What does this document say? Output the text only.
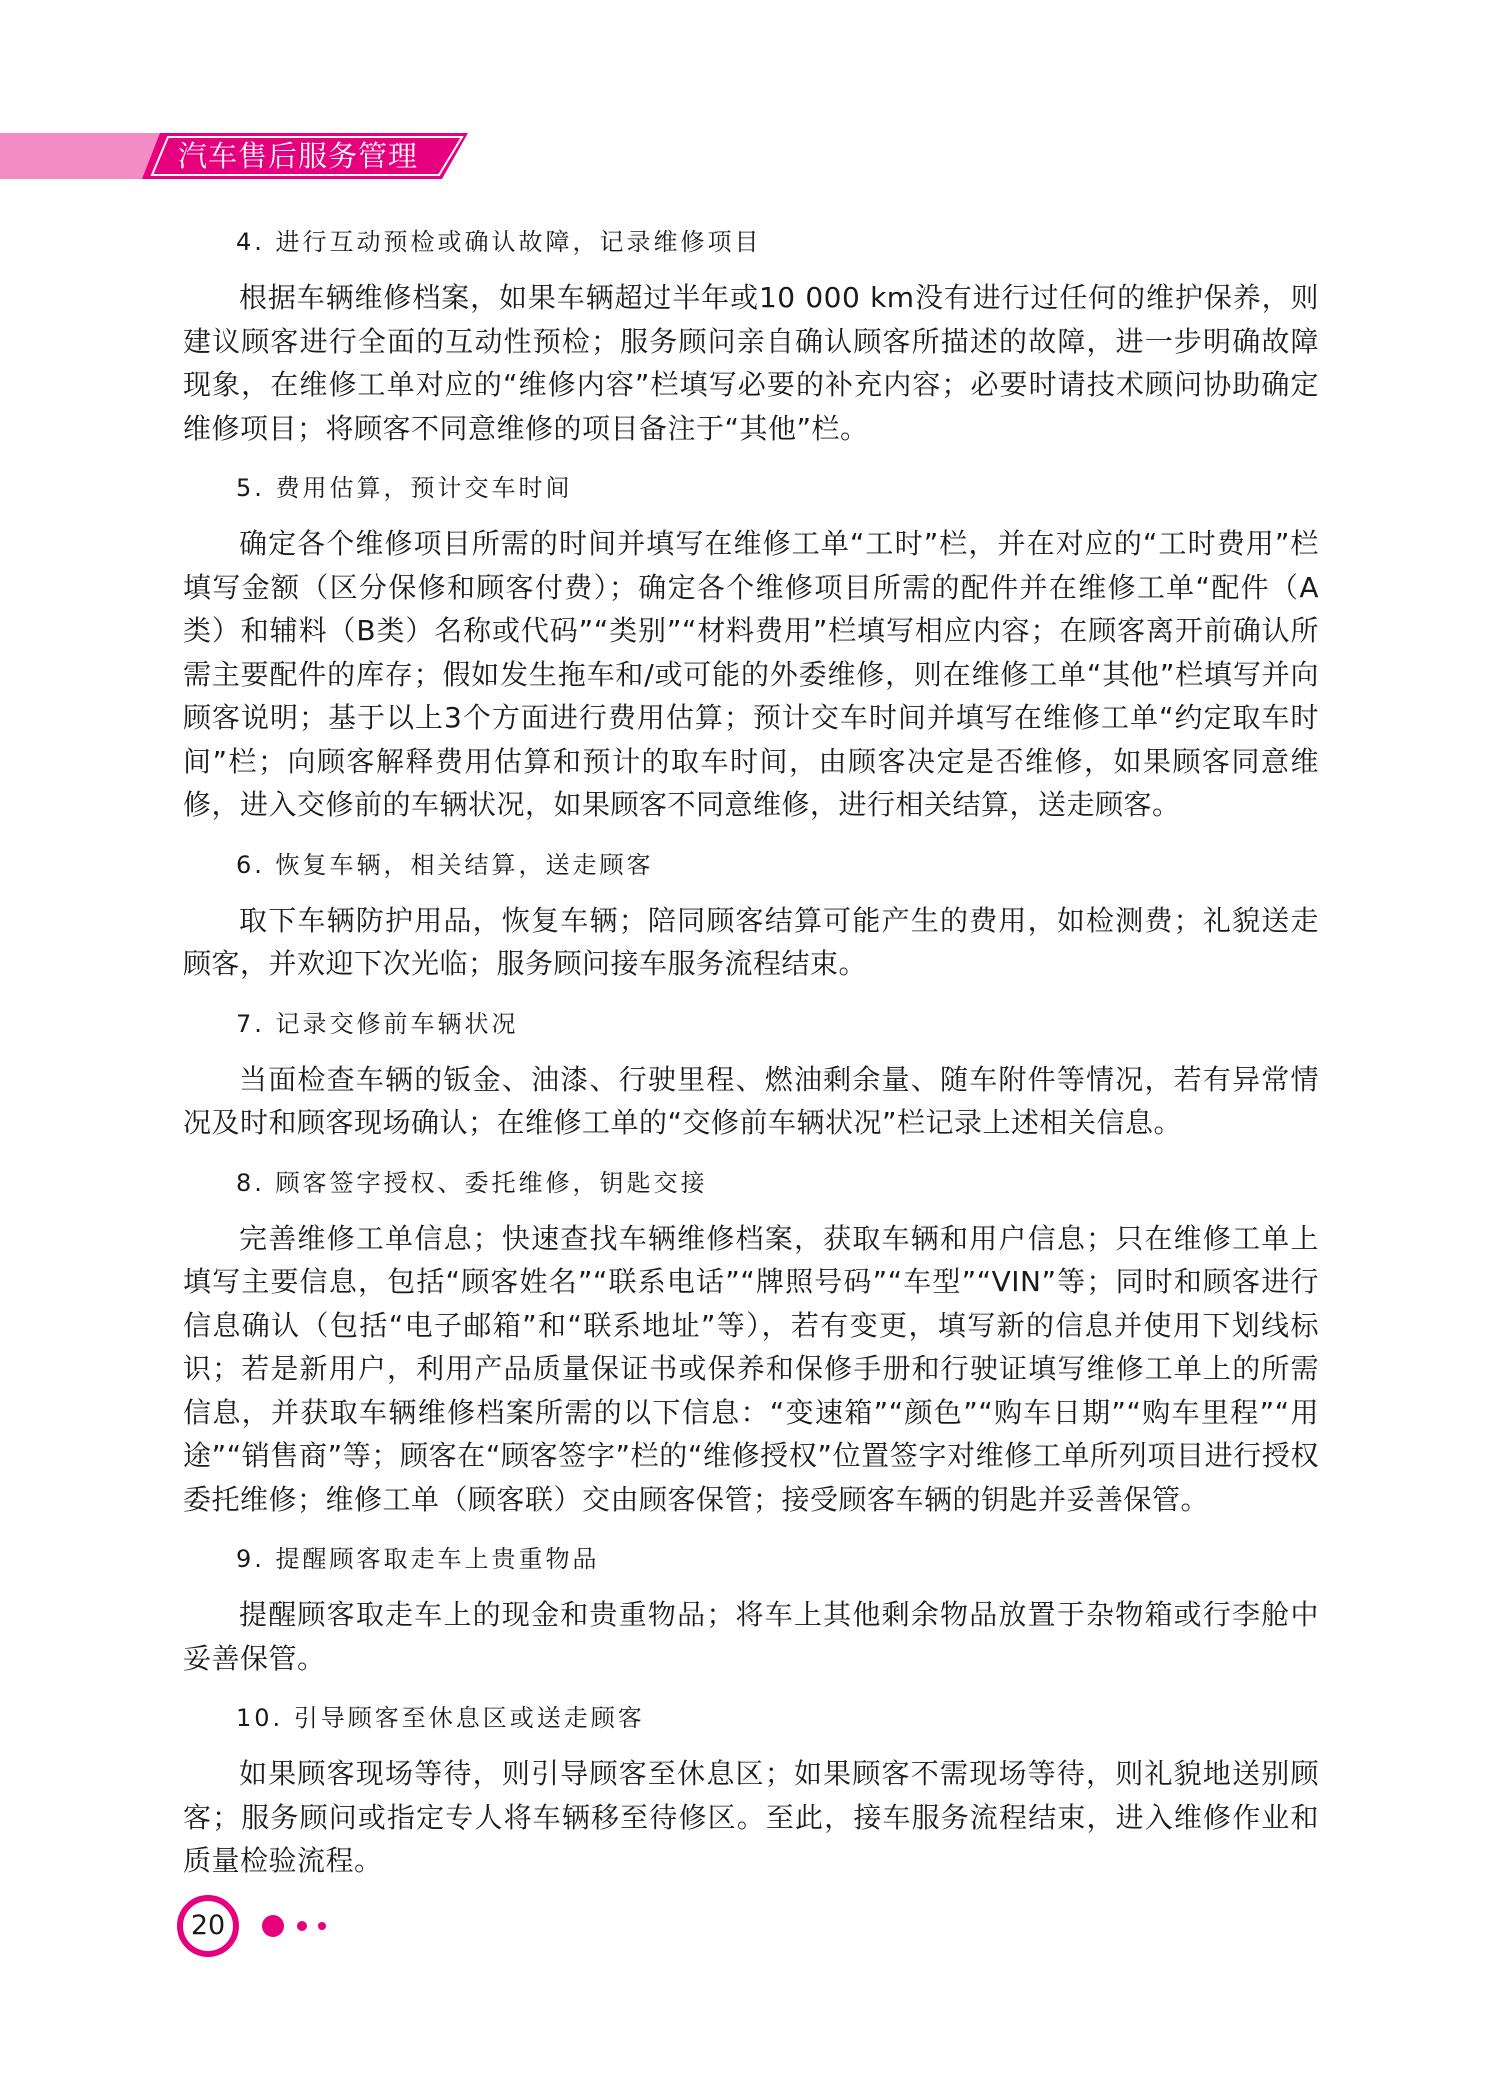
汽车售后服务管理

4. 进行互动预检或确认故障，记录维修项目

根据车辆维修档案，如果车辆超过半年或10 000 km没有进行过任何的维护保养，则建议顾客进行全面的互动性预检；服务顾问亲自确认顾客所描述的故障，进一步明确故障现象，在维修工单对应的“维修内容”栏填写必要的补充内容；必要时请技术顾问协助确定维修项目；将顾客不同意维修的项目备注于“其他”栏。

5. 费用估算，预计交车时间

确定各个维修项目所需的时间并填写在维修工单“工时”栏，并在对应的“工时费用”栏填写金额（区分保修和顾客付费）；确定各个维修项目所需的配件并在维修工单“配件（A类）和辅料（B类）名称或代码”“类别”“材料费用”栏填写相应内容；在顾客离开前确认所需主要配件的库存；假如发生拖车和/或可能的外委维修，则在维修工单“其他”栏填写并向顾客说明；基于以上3个方面进行费用估算；预计交车时间并填写在维修工单“约定取车时间”栏；向顾客解释费用估算和预计的取车时间，由顾客决定是否维修，如果顾客同意维修，进入交修前的车辆状况，如果顾客不同意维修，进行相关结算，送走顾客。

6. 恢复车辆，相关结算，送走顾客

取下车辆防护用品，恢复车辆；陪同顾客结算可能产生的费用，如检测费；礼貌送走顾客，并欢迎下次光临；服务顾问接车服务流程结束。

7. 记录交修前车辆状况

当面检查车辆的钣金、油漆、行驶里程、燃油剩余量、随车附件等情况，若有异常情况及时和顾客现场确认；在维修工单的“交修前车辆状况”栏记录上述相关信息。

8. 顾客签字授权、委托维修，钥匙交接

完善维修工单信息；快速查找车辆维修档案，获取车辆和用户信息；只在维修工单上填写主要信息，包括“顾客姓名”“联系电话”“牌照号码”“车型”“VIN”等；同时和顾客进行信息确认（包括“电子邮箱”和“联系地址”等），若有变更，填写新的信息并使用下划线标识；若是新用户，利用产品质量保证书或保养和保修手册和行驶证填写维修工单上的所需信息，并获取车辆维修档案所需的以下信息：“变速箱”“颜色”“购车日期”“购车里程”“用途”“销售商”等；顾客在“顾客签字”栏的“维修授权”位置签字对维修工单所列项目进行授权委托维修；维修工单（顾客联）交由顾客保管；接受顾客车辆的钥匙并妥善保管。

9. 提醒顾客取走车上贵重物品

提醒顾客取走车上的现金和贵重物品；将车上其他剩余物品放置于杂物箱或行李舱中妥善保管。

10. 引导顾客至休息区或送走顾客

如果顾客现场等待，则引导顾客至休息区；如果顾客不需现场等待，则礼貌地送别顾客；服务顾问或指定专人将车辆移至待修区。至此，接车服务流程结束，进入维修作业和质量检验流程。

20
